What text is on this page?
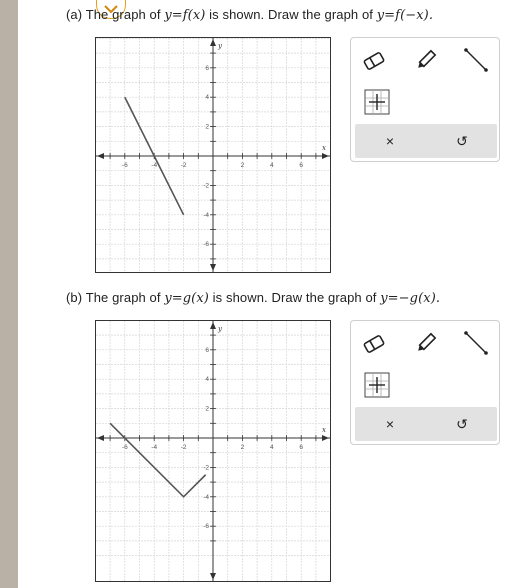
(a) The graph of y=f(x) is shown. Draw the graph of y=f(−x).
-6	-4	-2	2	4	6
6
4
2
-2
-4
-6
x
y
×	↺
(b) The graph of y=g(x) is shown. Draw the graph of y=−g(x).
-6	-4	-2	2	4	6
6
4
2
-2
-4
-6
x
y
×	↺
